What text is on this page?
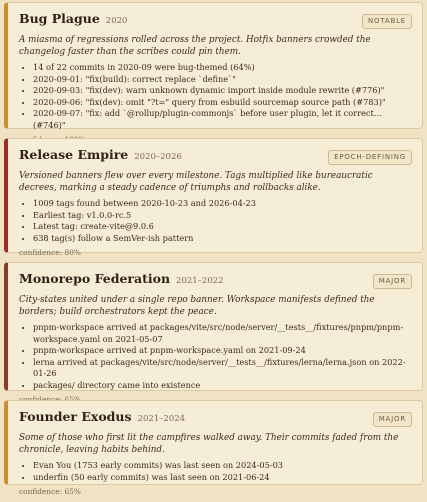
Bug Plague 2020	NOTABLE
A miasma of regressions rolled across the project. Hotfix banners crowded the changelog faster than the scribes could pin them.
• 14 of 22 commits in 2020-09 were bug-themed (64%)
• 2020-09-01: "fix(build): correct replace `define`"
• 2020-09-03: "fix(dev): warn unknown dynamic import inside module rewrite (#776)"
• 2020-09-06: "fix(dev): omit "?t=" query from esbuild sourcemap source path (#783)"
• 2020-09-07: "fix: add `@rollup/plugin-commonjs` before user plugin, let it correct… (#746)"
Release Empire 2020–2026	EPOCH-DEFINING
Versioned banners flew over every milestone. Tags multiplied like bureaucratic decrees, marking a steady cadence of triumphs and rollbacks alike.
• 1009 tags found between 2020-10-23 and 2026-04-23
• Earliest tag: v1.0.0-rc.5
• Latest tag: create-vite@9.0.6
• 638 tag(s) follow a SemVer-ish pattern
confidence: 80%
Monorepo Federation 2021–2022	MAJOR
City-states united under a single repo banner. Workspace manifests defined the borders; build orchestrators kept the peace.
• pnpm-workspace arrived at packages/vite/src/node/server/__tests__/fixtures/pnpm/pnpm-workspace.yaml on 2021-05-07
• pnpm-workspace arrived at pnpm-workspace.yaml on 2021-09-24
• lerna arrived at packages/vite/src/node/server/__tests__/fixtures/lerna/lerna.json on 2022-01-26
• packages/ directory came into existence
Founder Exodus 2021–2024	MAJOR
Some of those who first lit the campfires walked away. Their commits faded from the chronicle, leaving habits behind.
• Evan You (1753 early commits) was last seen on 2024-05-03
• underfin (50 early commits) was last seen on 2021-06-24
confidence: 65%
